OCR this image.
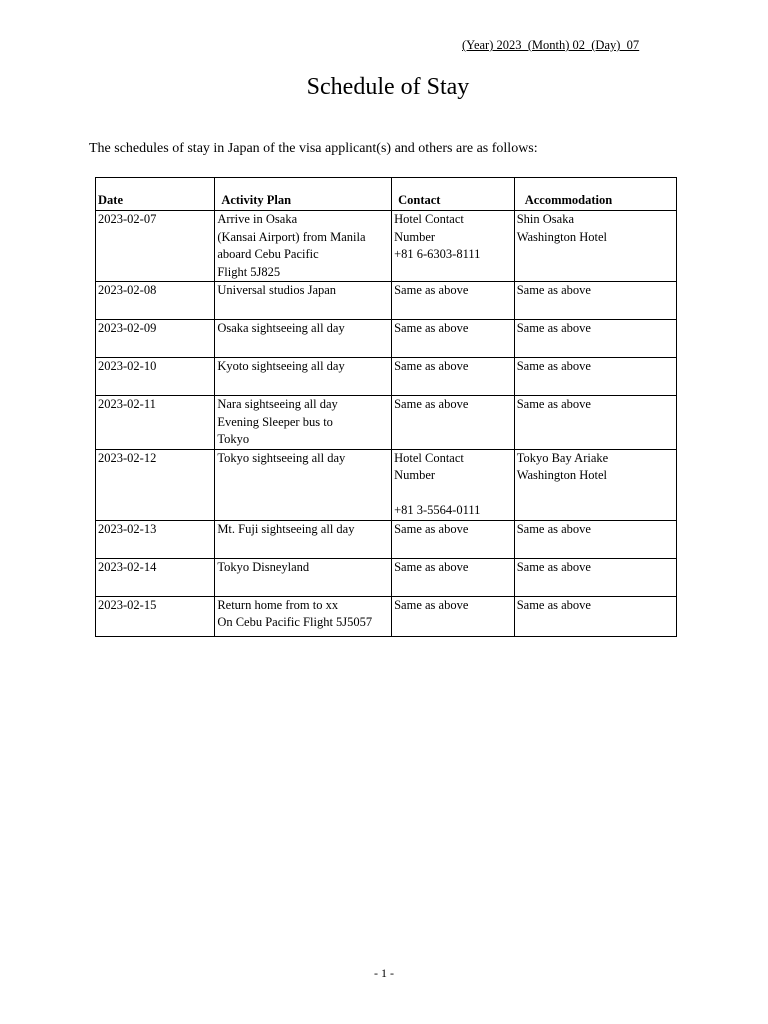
(Year) 2023  (Month) 02  (Day)  07
Schedule of Stay
The schedules of stay in Japan of the visa applicant(s) and others are as follows:
Date	Activity Plan	Contact	Accommodation

2023-02-07	Arrive in Osaka
(Kansai Airport) from Manila
aboard Cebu Pacific
Flight 5J825	Hotel Contact
Number
+81 6-6303-8111	Shin Osaka
Washington Hotel

2023-02-08	Universal studios Japan	Same as above	Same as above

2023-02-09	Osaka sightseeing all day	Same as above	Same as above

2023-02-10	Kyoto sightseeing all day	Same as above	Same as above

2023-02-11	Nara sightseeing all day
Evening Sleeper bus to
Tokyo	Same as above	Same as above

2023-02-12	Tokyo sightseeing all day	Hotel Contact
Number
+81 3-5564-0111	Tokyo Bay Ariake
Washington Hotel

2023-02-13	Mt. Fuji sightseeing all day	Same as above	Same as above

2023-02-14	Tokyo Disneyland	Same as above	Same as above

2023-02-15	Return home from to xx
On Cebu Pacific Flight 5J5057	Same as above	Same as above
- 1 -
